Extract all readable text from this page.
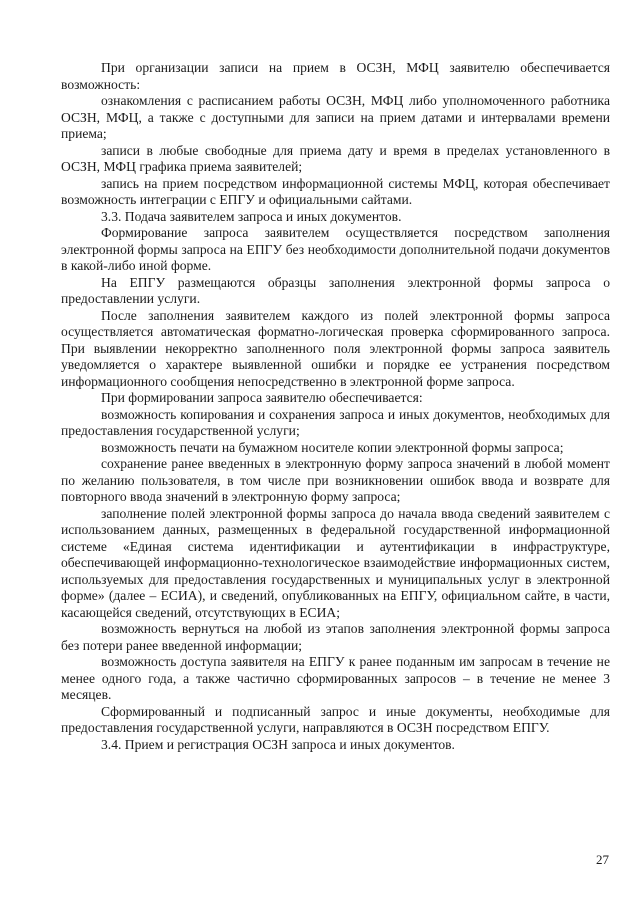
При организации записи на прием в ОСЗН, МФЦ заявителю обеспечивается возможность:

ознакомления с расписанием работы ОСЗН, МФЦ либо уполномоченного работника ОСЗН, МФЦ, а также с доступными для записи на прием датами и интервалами времени приема;

записи в любые свободные для приема дату и время в пределах установленного в ОСЗН, МФЦ графика приема заявителей;

запись на прием посредством информационной системы МФЦ, которая обеспечивает возможность интеграции с ЕПГУ и официальными сайтами.

3.3. Подача заявителем запроса и иных документов.

Формирование запроса заявителем осуществляется посредством заполнения электронной формы запроса на ЕПГУ без необходимости дополнительной подачи документов в какой-либо иной форме.

На ЕПГУ размещаются образцы заполнения электронной формы запроса о предоставлении услуги.

После заполнения заявителем каждого из полей электронной формы запроса осуществляется автоматическая форматно-логическая проверка сформированного запроса. При выявлении некорректно заполненного поля электронной формы запроса заявитель уведомляется о характере выявленной ошибки и порядке ее устранения посредством информационного сообщения непосредственно в электронной форме запроса.

При формировании запроса заявителю обеспечивается:

возможность копирования и сохранения запроса и иных документов, необходимых для предоставления государственной услуги;

возможность печати на бумажном носителе копии электронной формы запроса;

сохранение ранее введенных в электронную форму запроса значений в любой момент по желанию пользователя, в том числе при возникновении ошибок ввода и возврате для повторного ввода значений в электронную форму запроса;

заполнение полей электронной формы запроса до начала ввода сведений заявителем с использованием данных, размещенных в федеральной государственной информационной системе «Единая система идентификации и аутентификации в инфраструктуре, обеспечивающей информационно-технологическое взаимодействие информационных систем, используемых для предоставления государственных и муниципальных услуг в электронной форме» (далее – ЕСИА), и сведений, опубликованных на ЕПГУ, официальном сайте, в части, касающейся сведений, отсутствующих в ЕСИА;

возможность вернуться на любой из этапов заполнения электронной формы запроса без потери ранее введенной информации;

возможность доступа заявителя на ЕПГУ к ранее поданным им запросам в течение не менее одного года, а также частично сформированных запросов – в течение не менее 3 месяцев.

Сформированный и подписанный запрос и иные документы, необходимые для предоставления государственной услуги, направляются в ОСЗН посредством ЕПГУ.

3.4. Прием и регистрация ОСЗН запроса и иных документов.

27
